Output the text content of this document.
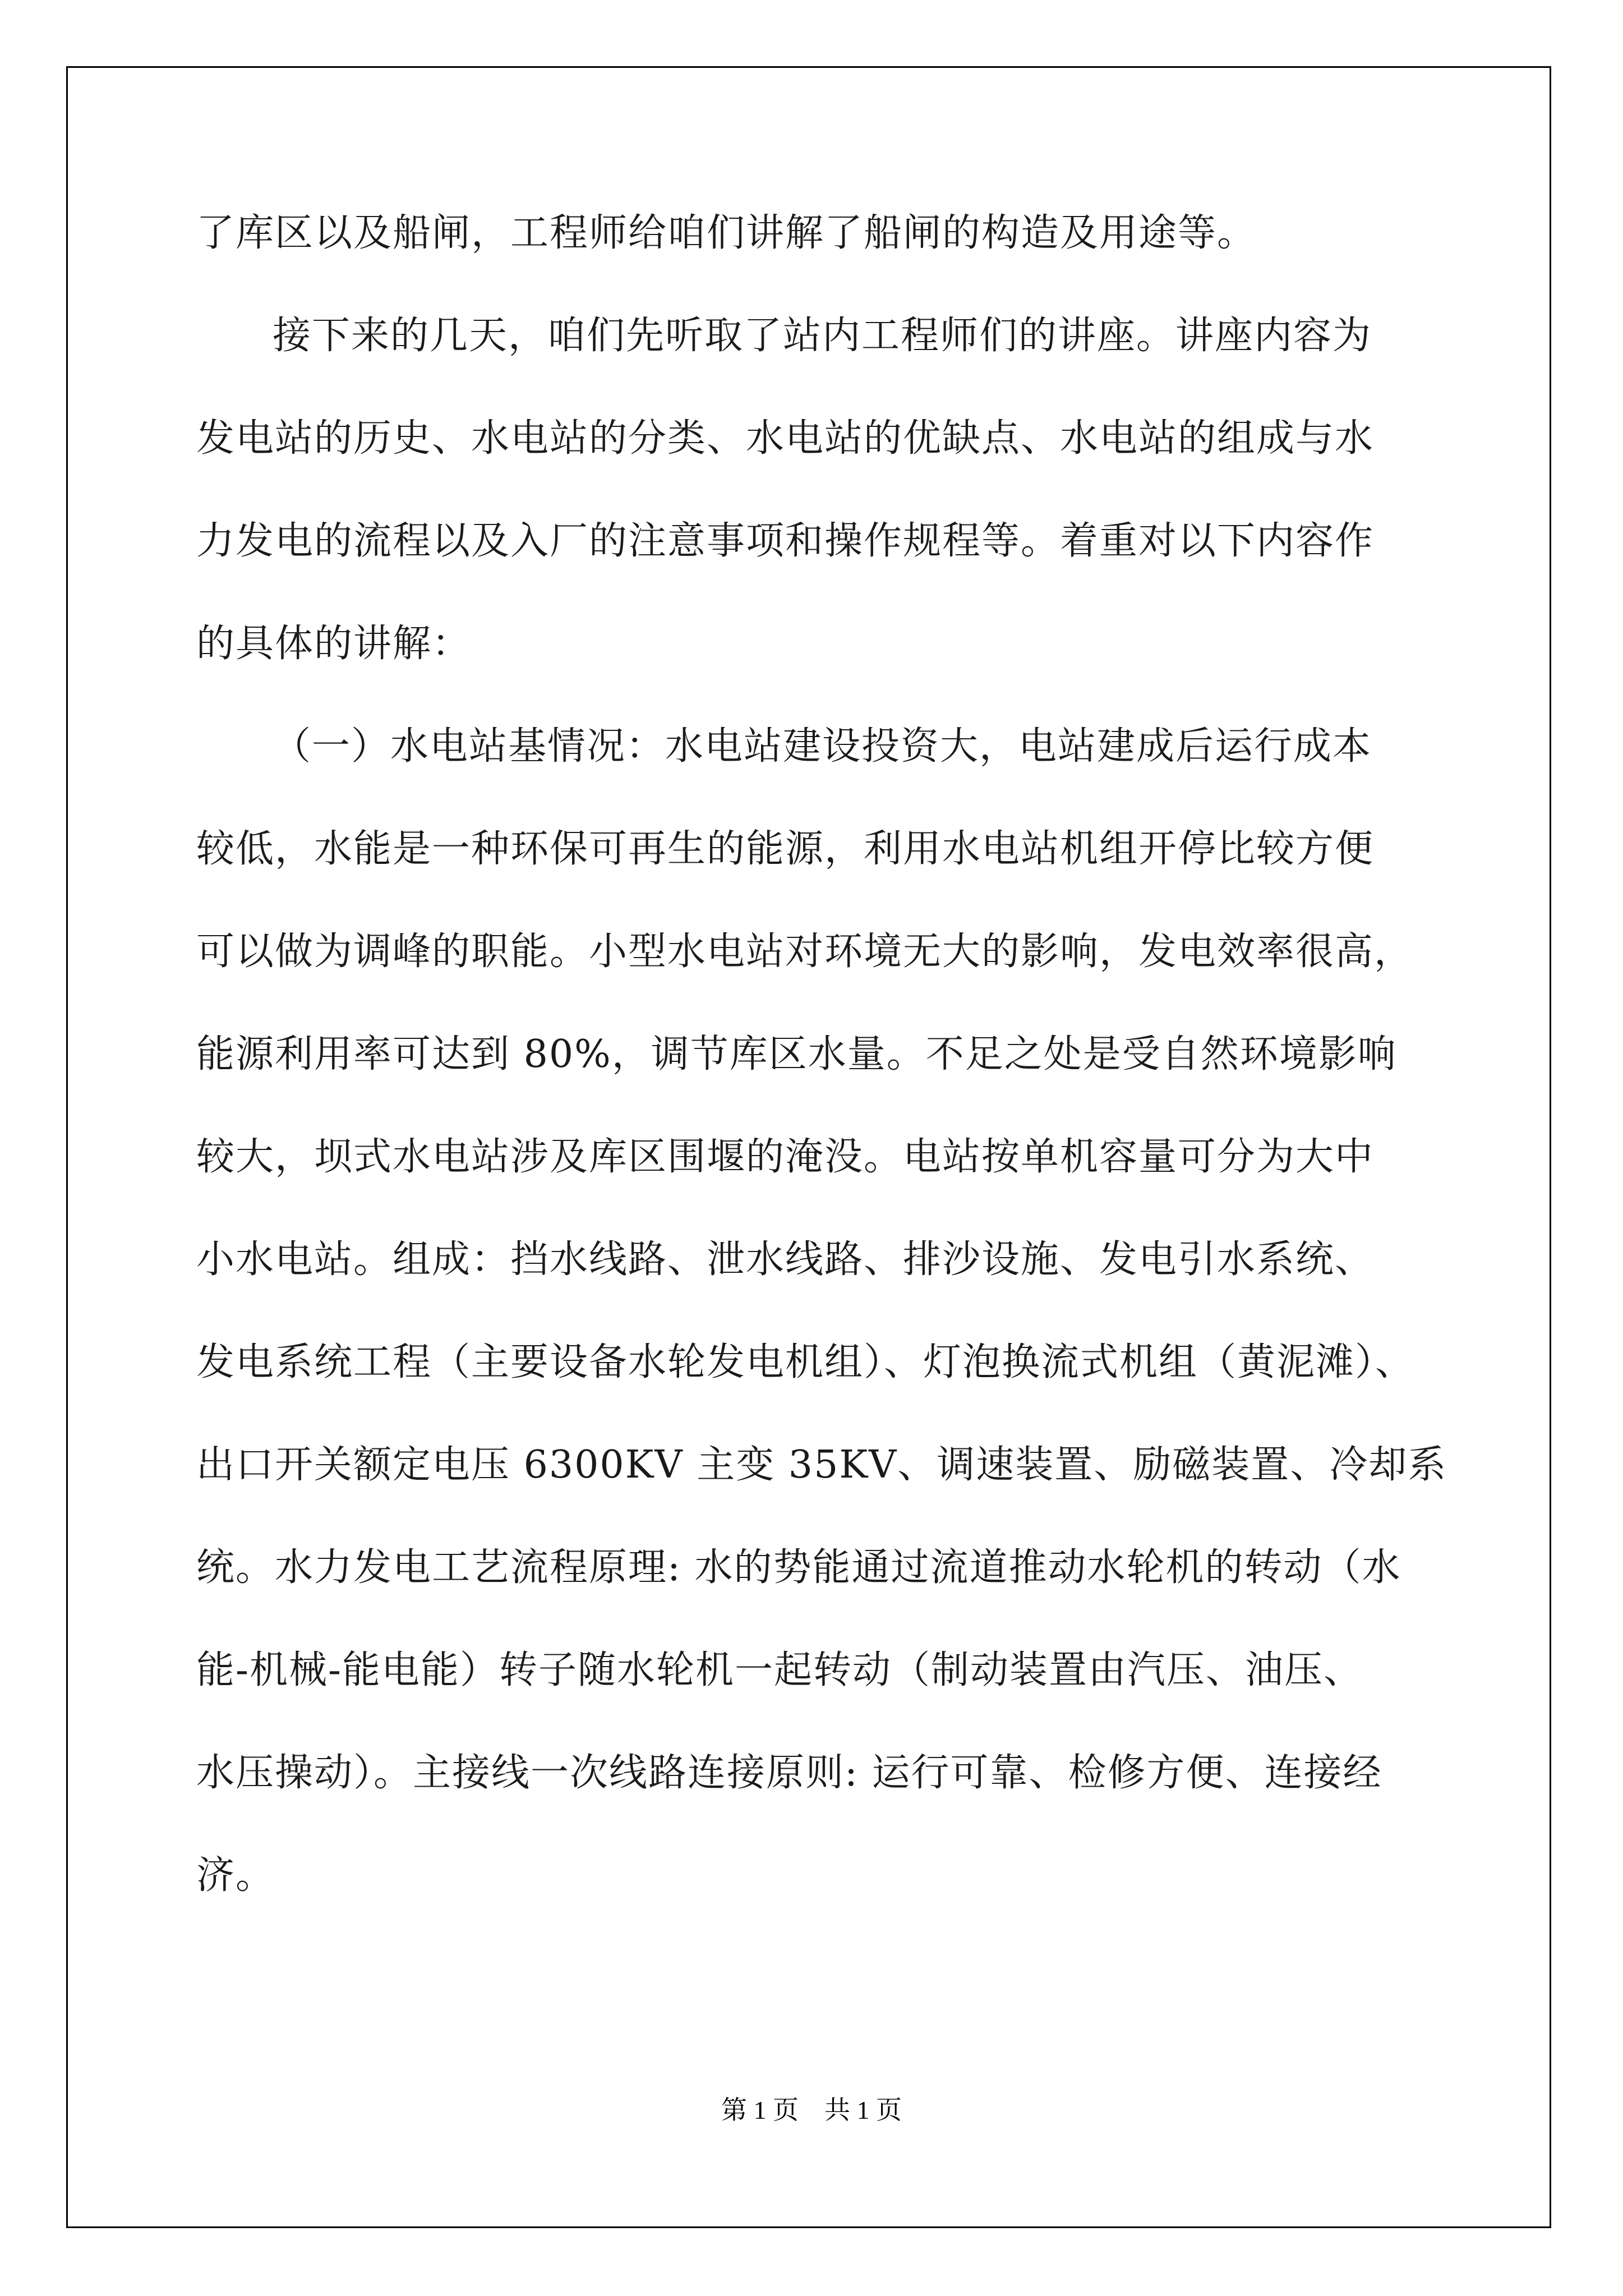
了库区以及船闸，工程师给咱们讲解了船闸的构造及用途等。
接下来的几天，咱们先听取了站内工程师们的讲座。讲座内容为
发电站的历史、水电站的分类、水电站的优缺点、水电站的组成与水
力发电的流程以及入厂的注意事项和操作规程等。着重对以下内容作
的具体的讲解：
（一）水电站基情况：水电站建设投资大，电站建成后运行成本
较低，水能是一种环保可再生的能源，利用水电站机组开停比较方便
可以做为调峰的职能。小型水电站对环境无大的影响，发电效率很高，
能源利用率可达到 80%，调节库区水量。不足之处是受自然环境影响
较大，坝式水电站涉及库区围堰的淹没。电站按单机容量可分为大中
小水电站。组成：挡水线路、泄水线路、排沙设施、发电引水系统、
发电系统工程（主要设备水轮发电机组）、灯泡换流式机组（黄泥滩）、
出口开关额定电压 6300KV 主变 35KV、调速装置、励磁装置、冷却系
统。水力发电工艺流程原理: 水的势能通过流道推动水轮机的转动（水
能-机械-能电能）转子随水轮机一起转动（制动装置由汽压、油压、
水压操动）。主接线一次线路连接原则: 运行可靠、检修方便、连接经
济。
第 1 页　共 1 页
